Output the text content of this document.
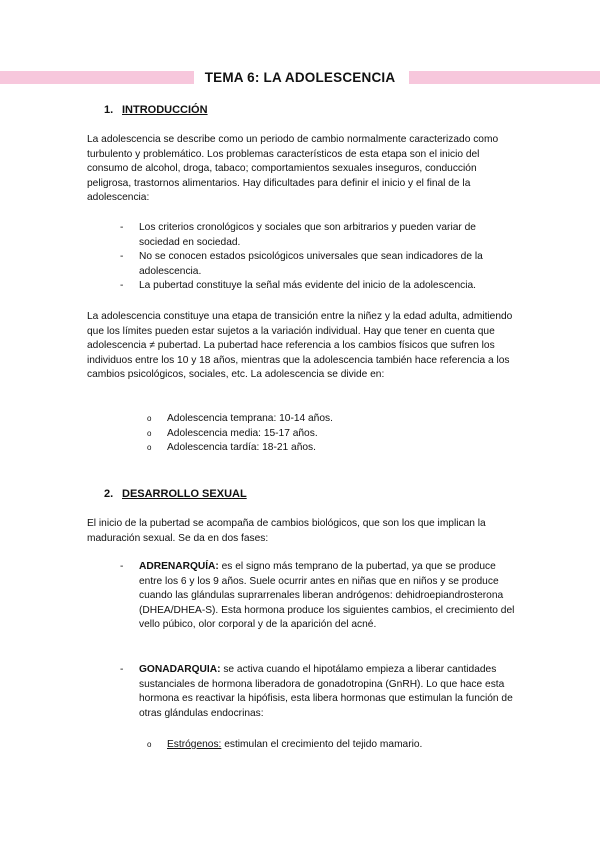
TEMA 6: LA ADOLESCENCIA
1. INTRODUCCIÓN

La adolescencia se describe como un periodo de cambio normalmente caracterizado como turbulento y problemático. Los problemas característicos de esta etapa son el inicio del consumo de alcohol, droga, tabaco; comportamientos sexuales inseguros, conducción peligrosa, trastornos alimentarios. Hay dificultades para definir el inicio y el final de la adolescencia:

- Los criterios cronológicos y sociales que son arbitrarios y pueden variar de sociedad en sociedad.
- No se conocen estados psicológicos universales que sean indicadores de la adolescencia.
- La pubertad constituye la señal más evidente del inicio de la adolescencia.

La adolescencia constituye una etapa de transición entre la niñez y la edad adulta, admitiendo que los límites pueden estar sujetos a la variación individual. Hay que tener en cuenta que adolescencia ≠ pubertad. La pubertad hace referencia a los cambios físicos que sufren los individuos entre los 10 y 18 años, mientras que la adolescencia también hace referencia a los cambios psicológicos, sociales, etc. La adolescencia se divide en:

o Adolescencia temprana: 10-14 años.
o Adolescencia media: 15-17 años.
o Adolescencia tardía: 18-21 años.
2. DESARROLLO SEXUAL

El inicio de la pubertad se acompaña de cambios biológicos, que son los que implican la maduración sexual. Se da en dos fases:

- ADRENARQUÍA: es el signo más temprano de la pubertad, ya que se produce entre los 6 y los 9 años. Suele ocurrir antes en niñas que en niños y se produce cuando las glándulas suprarrenales liberan andrógenos: dehidroepiandrosterona (DHEA/DHEA-S). Esta hormona produce los siguientes cambios, el crecimiento del vello púbico, olor corporal y de la aparición del acné.
- GONADARQUIA: se activa cuando el hipotálamo empieza a liberar cantidades sustanciales de hormona liberadora de gonadotropina (GnRH). Lo que hace esta hormona es reactivar la hipófisis, esta libera hormonas que estimulan la función de otras glándulas endocrinas:
o Estrógenos: estimulan el crecimiento del tejido mamario.
